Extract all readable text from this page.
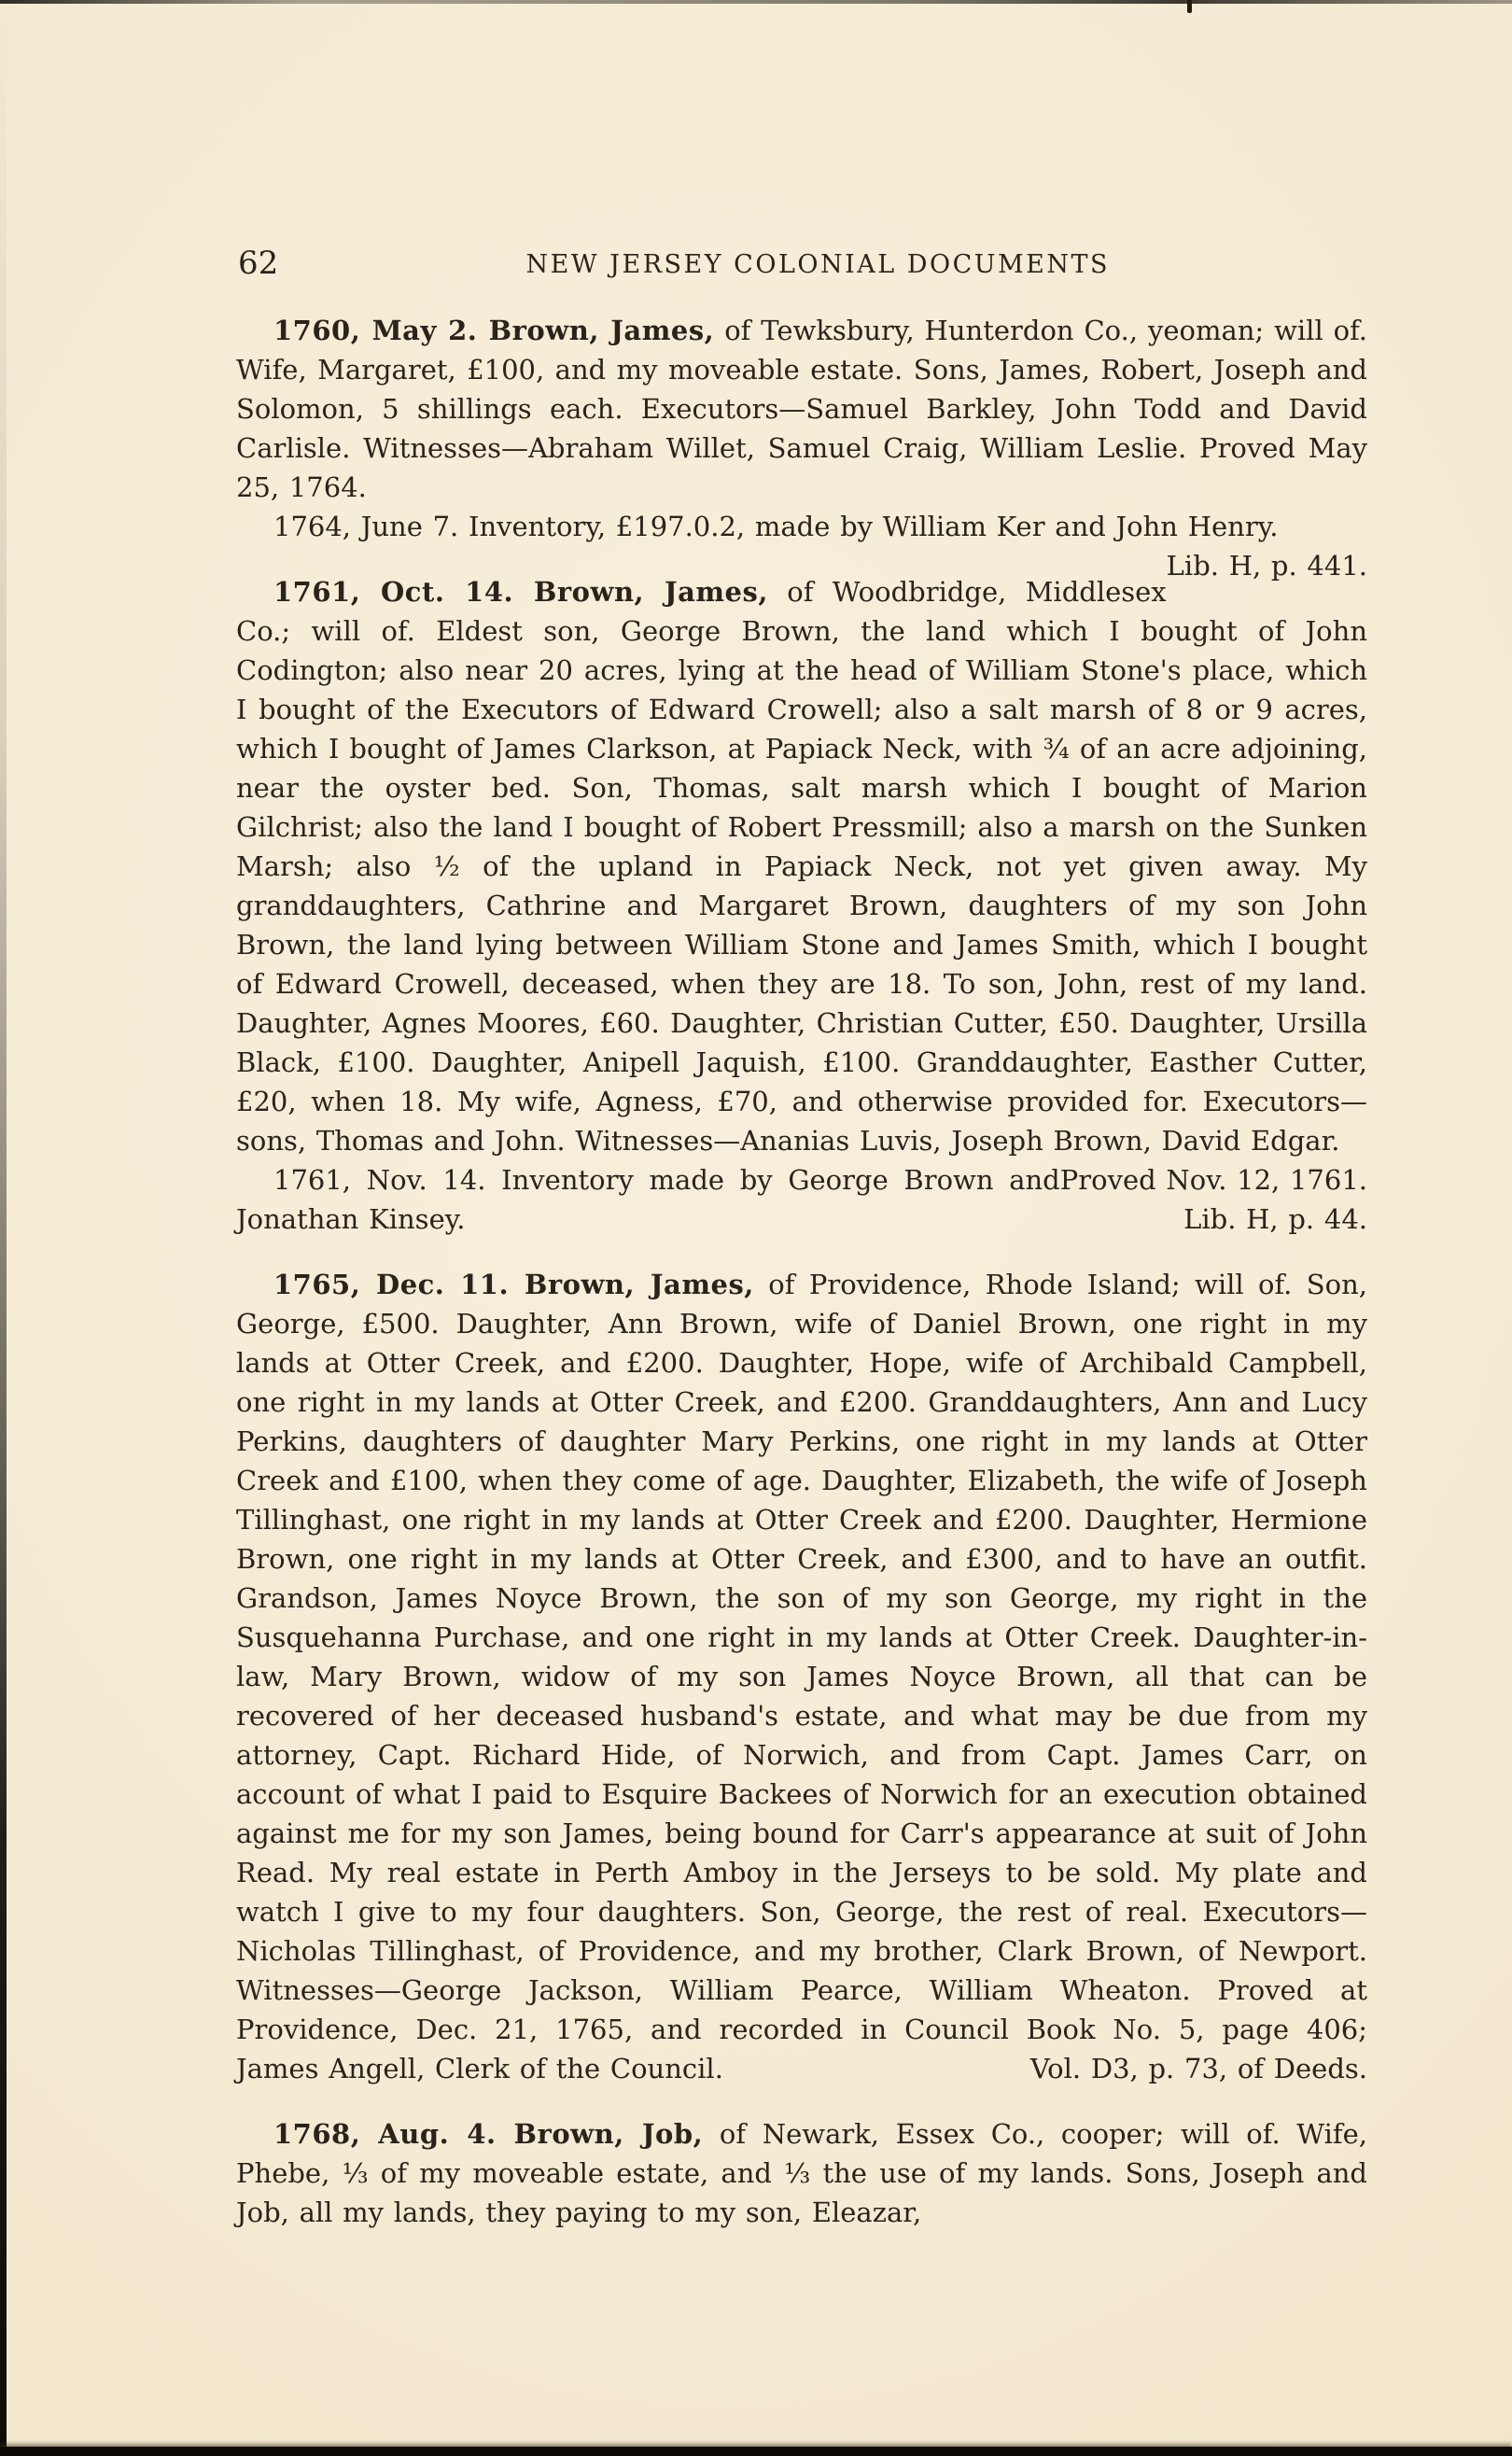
62	NEW JERSEY COLONIAL DOCUMENTS

1760, May 2. Brown, James, of Tewksbury, Hunterdon Co., yeoman; will of. Wife, Margaret, £100, and my moveable estate. Sons, James, Robert, Joseph and Solomon, 5 shillings each. Executors—Samuel Barkley, John Todd and David Carlisle. Witnesses—Abraham Willet, Samuel Craig, William Leslie. Proved May 25, 1764.

1764, June 7. Inventory, £197.0.2, made by William Ker and John Henry.
Lib. H, p. 441.

1761, Oct. 14. Brown, James, of Woodbridge, Middlesex Co.; will of. Eldest son, George Brown, the land which I bought of John Codington; also near 20 acres, lying at the head of William Stone's place, which I bought of the Executors of Edward Crowell; also a salt marsh of 8 or 9 acres, which I bought of James Clarkson, at Papiack Neck, with ¾ of an acre adjoining, near the oyster bed. Son, Thomas, salt marsh which I bought of Marion Gilchrist; also the land I bought of Robert Pressmill; also a marsh on the Sunken Marsh; also ½ of the upland in Papiack Neck, not yet given away. My granddaughters, Cathrine and Margaret Brown, daughters of my son John Brown, the land lying between William Stone and James Smith, which I bought of Edward Crowell, deceased, when they are 18. To son, John, rest of my land. Daughter, Agnes Moores, £60. Daughter, Christian Cutter, £50. Daughter, Ursilla Black, £100. Daughter, Anipell Jaquish, £100. Granddaughter, Easther Cutter, £20, when 18. My wife, Agness, £70, and otherwise provided for. Executors—sons, Thomas and John. Witnesses—Ananias Luvis, Joseph Brown, David Edgar.
Proved Nov. 12, 1761.

1761, Nov. 14. Inventory made by George Brown and Jonathan Kinsey.	Lib. H, p. 44.

1765, Dec. 11. Brown, James, of Providence, Rhode Island; will of. Son, George, £500. Daughter, Ann Brown, wife of Daniel Brown, one right in my lands at Otter Creek, and £200. Daughter, Hope, wife of Archibald Campbell, one right in my lands at Otter Creek, and £200. Granddaughters, Ann and Lucy Perkins, daughters of daughter Mary Perkins, one right in my lands at Otter Creek and £100, when they come of age. Daughter, Elizabeth, the wife of Joseph Tillinghast, one right in my lands at Otter Creek and £200. Daughter, Hermione Brown, one right in my lands at Otter Creek, and £300, and to have an outfit. Grandson, James Noyce Brown, the son of my son George, my right in the Susquehanna Purchase, and one right in my lands at Otter Creek. Daughter-in-law, Mary Brown, widow of my son James Noyce Brown, all that can be recovered of her deceased husband's estate, and what may be due from my attorney, Capt. Richard Hide, of Norwich, and from Capt. James Carr, on account of what I paid to Esquire Backees of Norwich for an execution obtained against me for my son James, being bound for Carr's appearance at suit of John Read. My real estate in Perth Amboy in the Jerseys to be sold. My plate and watch I give to my four daughters. Son, George, the rest of real. Executors—Nicholas Tillinghast, of Providence, and my brother, Clark Brown, of Newport. Witnesses—George Jackson, William Pearce, William Wheaton. Proved at Providence, Dec. 21, 1765, and recorded in Council Book No. 5, page 406; James Angell, Clerk of the Council.	Vol. D3, p. 73, of Deeds.

1768, Aug. 4. Brown, Job, of Newark, Essex Co., cooper; will of. Wife, Phebe, ⅓ of my moveable estate, and ⅓ the use of my lands. Sons, Joseph and Job, all my lands, they paying to my son, Eleazar,
